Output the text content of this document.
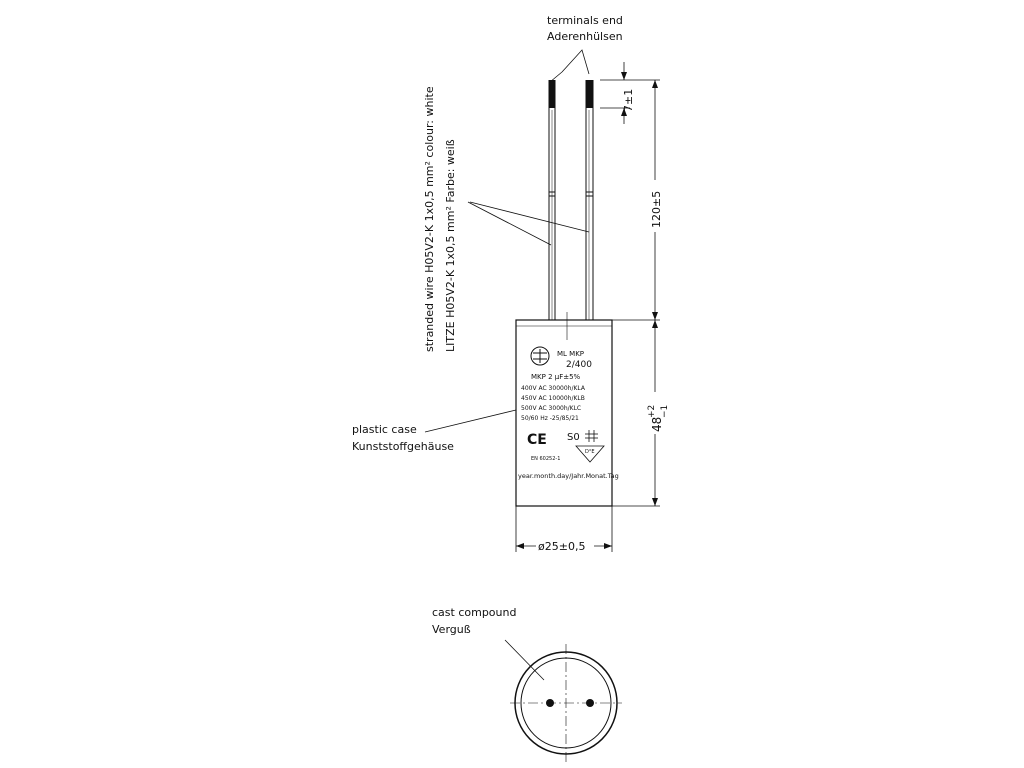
ML MKP
2/400
MKP 2 µF±5%
400V AC 30000h/KLA
450V AC 10000h/KLB
500V AC 3000h/KLC
50/60 Hz -25/85/21
CE S0
D°E
EN 60252-1
year.month.day/Jahr.Monat.Tag
terminals end
Aderenhülsen
stranded wire H05V2-K 1x0,5 mm² colour: white LITZE H05V2-K 1x0,5 mm² Farbe: weiß
plastic case
Kunststoffgehäuse
7±1
120±5
48
+2 −1
ø25±0,5
cast compound
Verguß
